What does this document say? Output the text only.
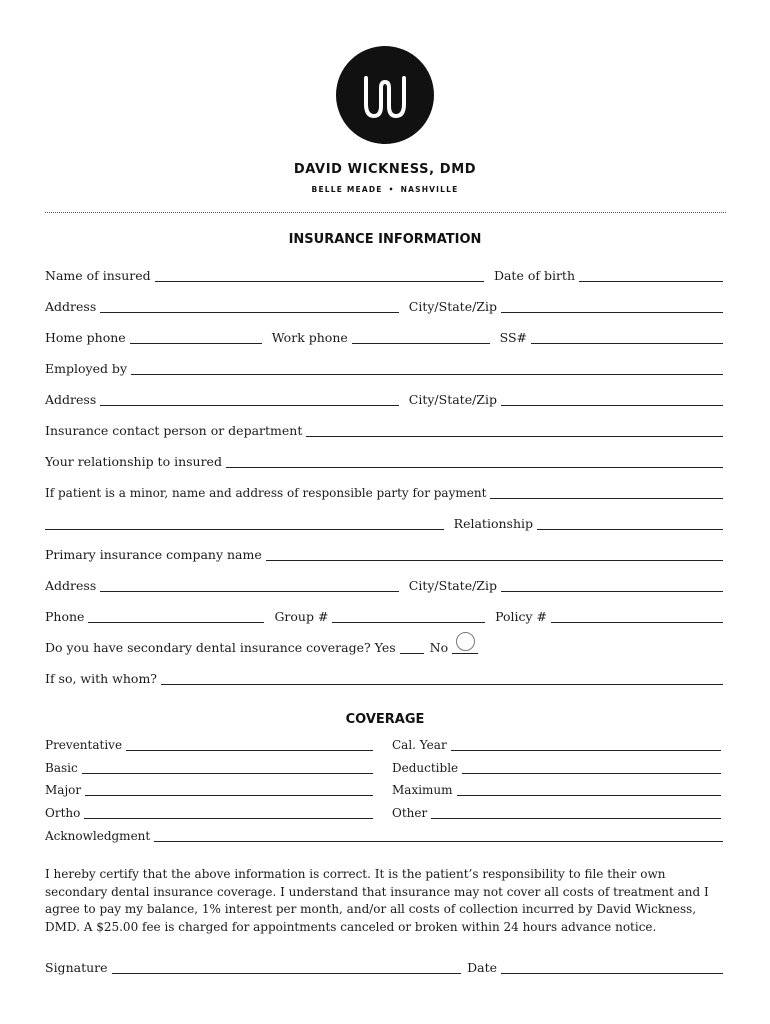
DAVID WICKNESS, DMD
BELLE MEADE • NASHVILLE
INSURANCE INFORMATION
Name of insured	Date of birth
Address	City/State/Zip
Home phone	Work phone	SS#
Employed by
Address	City/State/Zip
Insurance contact person or department
Your relationship to insured
If patient is a minor, name and address of responsible party for payment
Relationship
Primary insurance company name
Address	City/State/Zip
Phone	Group #	Policy #
Do you have secondary dental insurance coverage? Yes	No
If so, with whom?
COVERAGE
Preventative	Cal. Year
Basic	Deductible
Major	Maximum
Ortho	Other
Acknowledgment

I hereby certify that the above information is correct. It is the patient’s responsibility to file their own secondary dental insurance coverage. I understand that insurance may not cover all costs of treatment and I agree to pay my balance, 1% interest per month, and/or all costs of collection incurred by David Wickness, DMD. A $25.00 fee is charged for appointments canceled or broken within 24 hours advance notice.

Signature	Date
